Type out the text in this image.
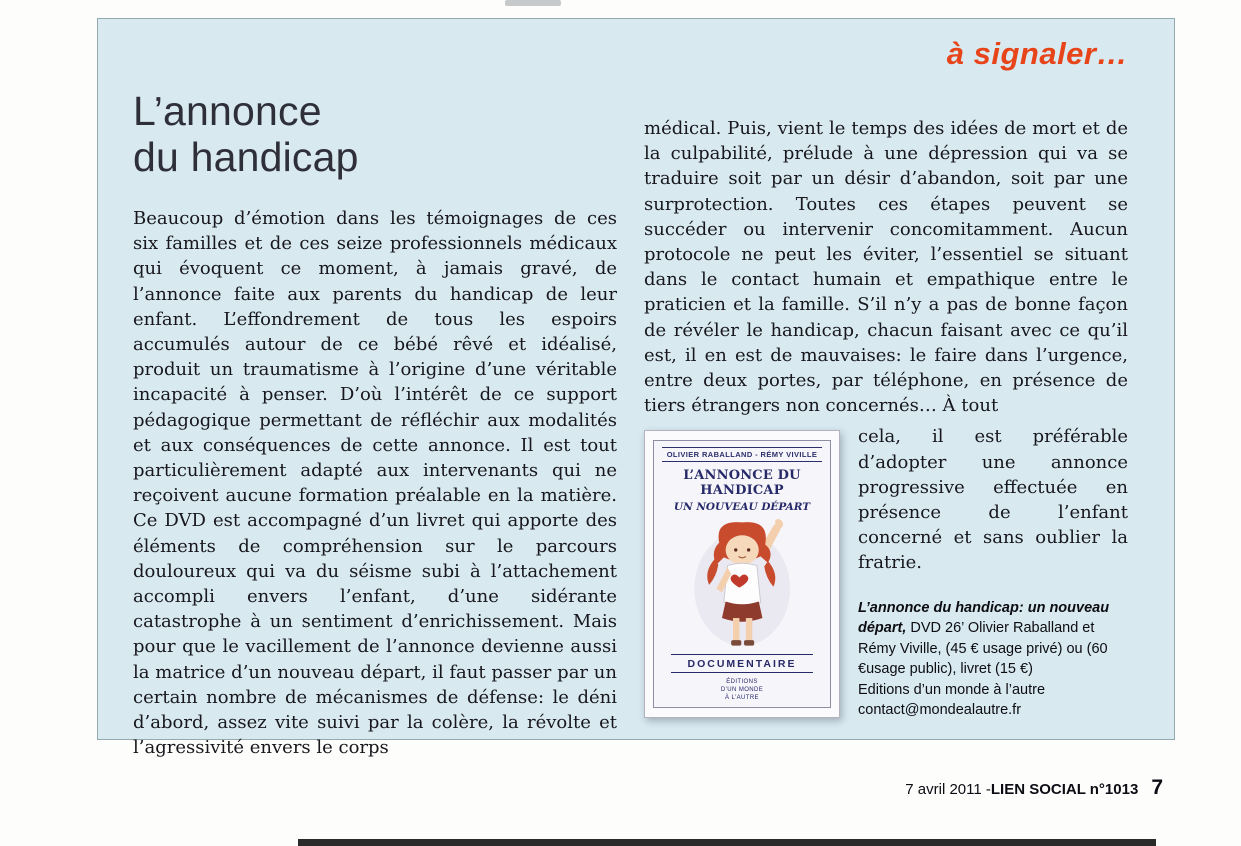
à signaler…
L’annonce
du handicap

Beaucoup d’émotion dans les témoignages de ces six familles et de ces seize professionnels médicaux qui évoquent ce moment, à jamais gravé, de l’annonce faite aux parents du handicap de leur enfant. L’effondrement de tous les espoirs accumulés autour de ce bébé rêvé et idéalisé, produit un traumatisme à l’origine d’une véritable incapacité à penser. D’où l’intérêt de ce support pédagogique permettant de réfléchir aux modalités et aux conséquences de cette annonce. Il est tout particulièrement adapté aux intervenants qui ne reçoivent aucune formation préalable en la matière. Ce DVD est accompagné d’un livret qui apporte des éléments de compréhension sur le parcours douloureux qui va du séisme subi à l’attachement accompli envers l’enfant, d’une sidérante catastrophe à un sentiment d’enrichissement. Mais pour que le vacillement de l’annonce devienne aussi la matrice d’un nouveau départ, il faut passer par un certain nombre de mécanismes de défense: le déni d’abord, assez vite suivi par la colère, la révolte et l’agressivité envers le corps

médical. Puis, vient le temps des idées de mort et de la culpabilité, prélude à une dépression qui va se traduire soit par un désir d’abandon, soit par une surprotection. Toutes ces étapes peuvent se succéder ou intervenir concomitamment. Aucun protocole ne peut les éviter, l’essentiel se situant dans le contact humain et empathique entre le praticien et la famille. S’il n’y a pas de bonne façon de révéler le handicap, chacun faisant avec ce qu’il est, il en est de mauvaises: le faire dans l’urgence, entre deux portes, par téléphone, en présence de tiers étrangers non concernés… À tout

OLIVIER RABALLAND - RÉMY VIVILLE
L’ANNONCE DU HANDICAP
UN NOUVEAU DÉPART
DOCUMENTAIRE
ÉDITIONS
D’UN MONDE
À L’AUTRE

cela, il est préférable d’adopter une annonce progressive effectuée en présence de l’enfant concerné et sans oublier la fratrie.

L’annonce du handicap: un nouveau départ, DVD 26’ Olivier Raballand et Rémy Viville, (45 € usage privé) ou (60 €usage public), livret (15 €)
Editions d’un monde à l’autre
contact@mondealautre.fr
7 avril 2011 - LIEN SOCIAL n°1013 7
